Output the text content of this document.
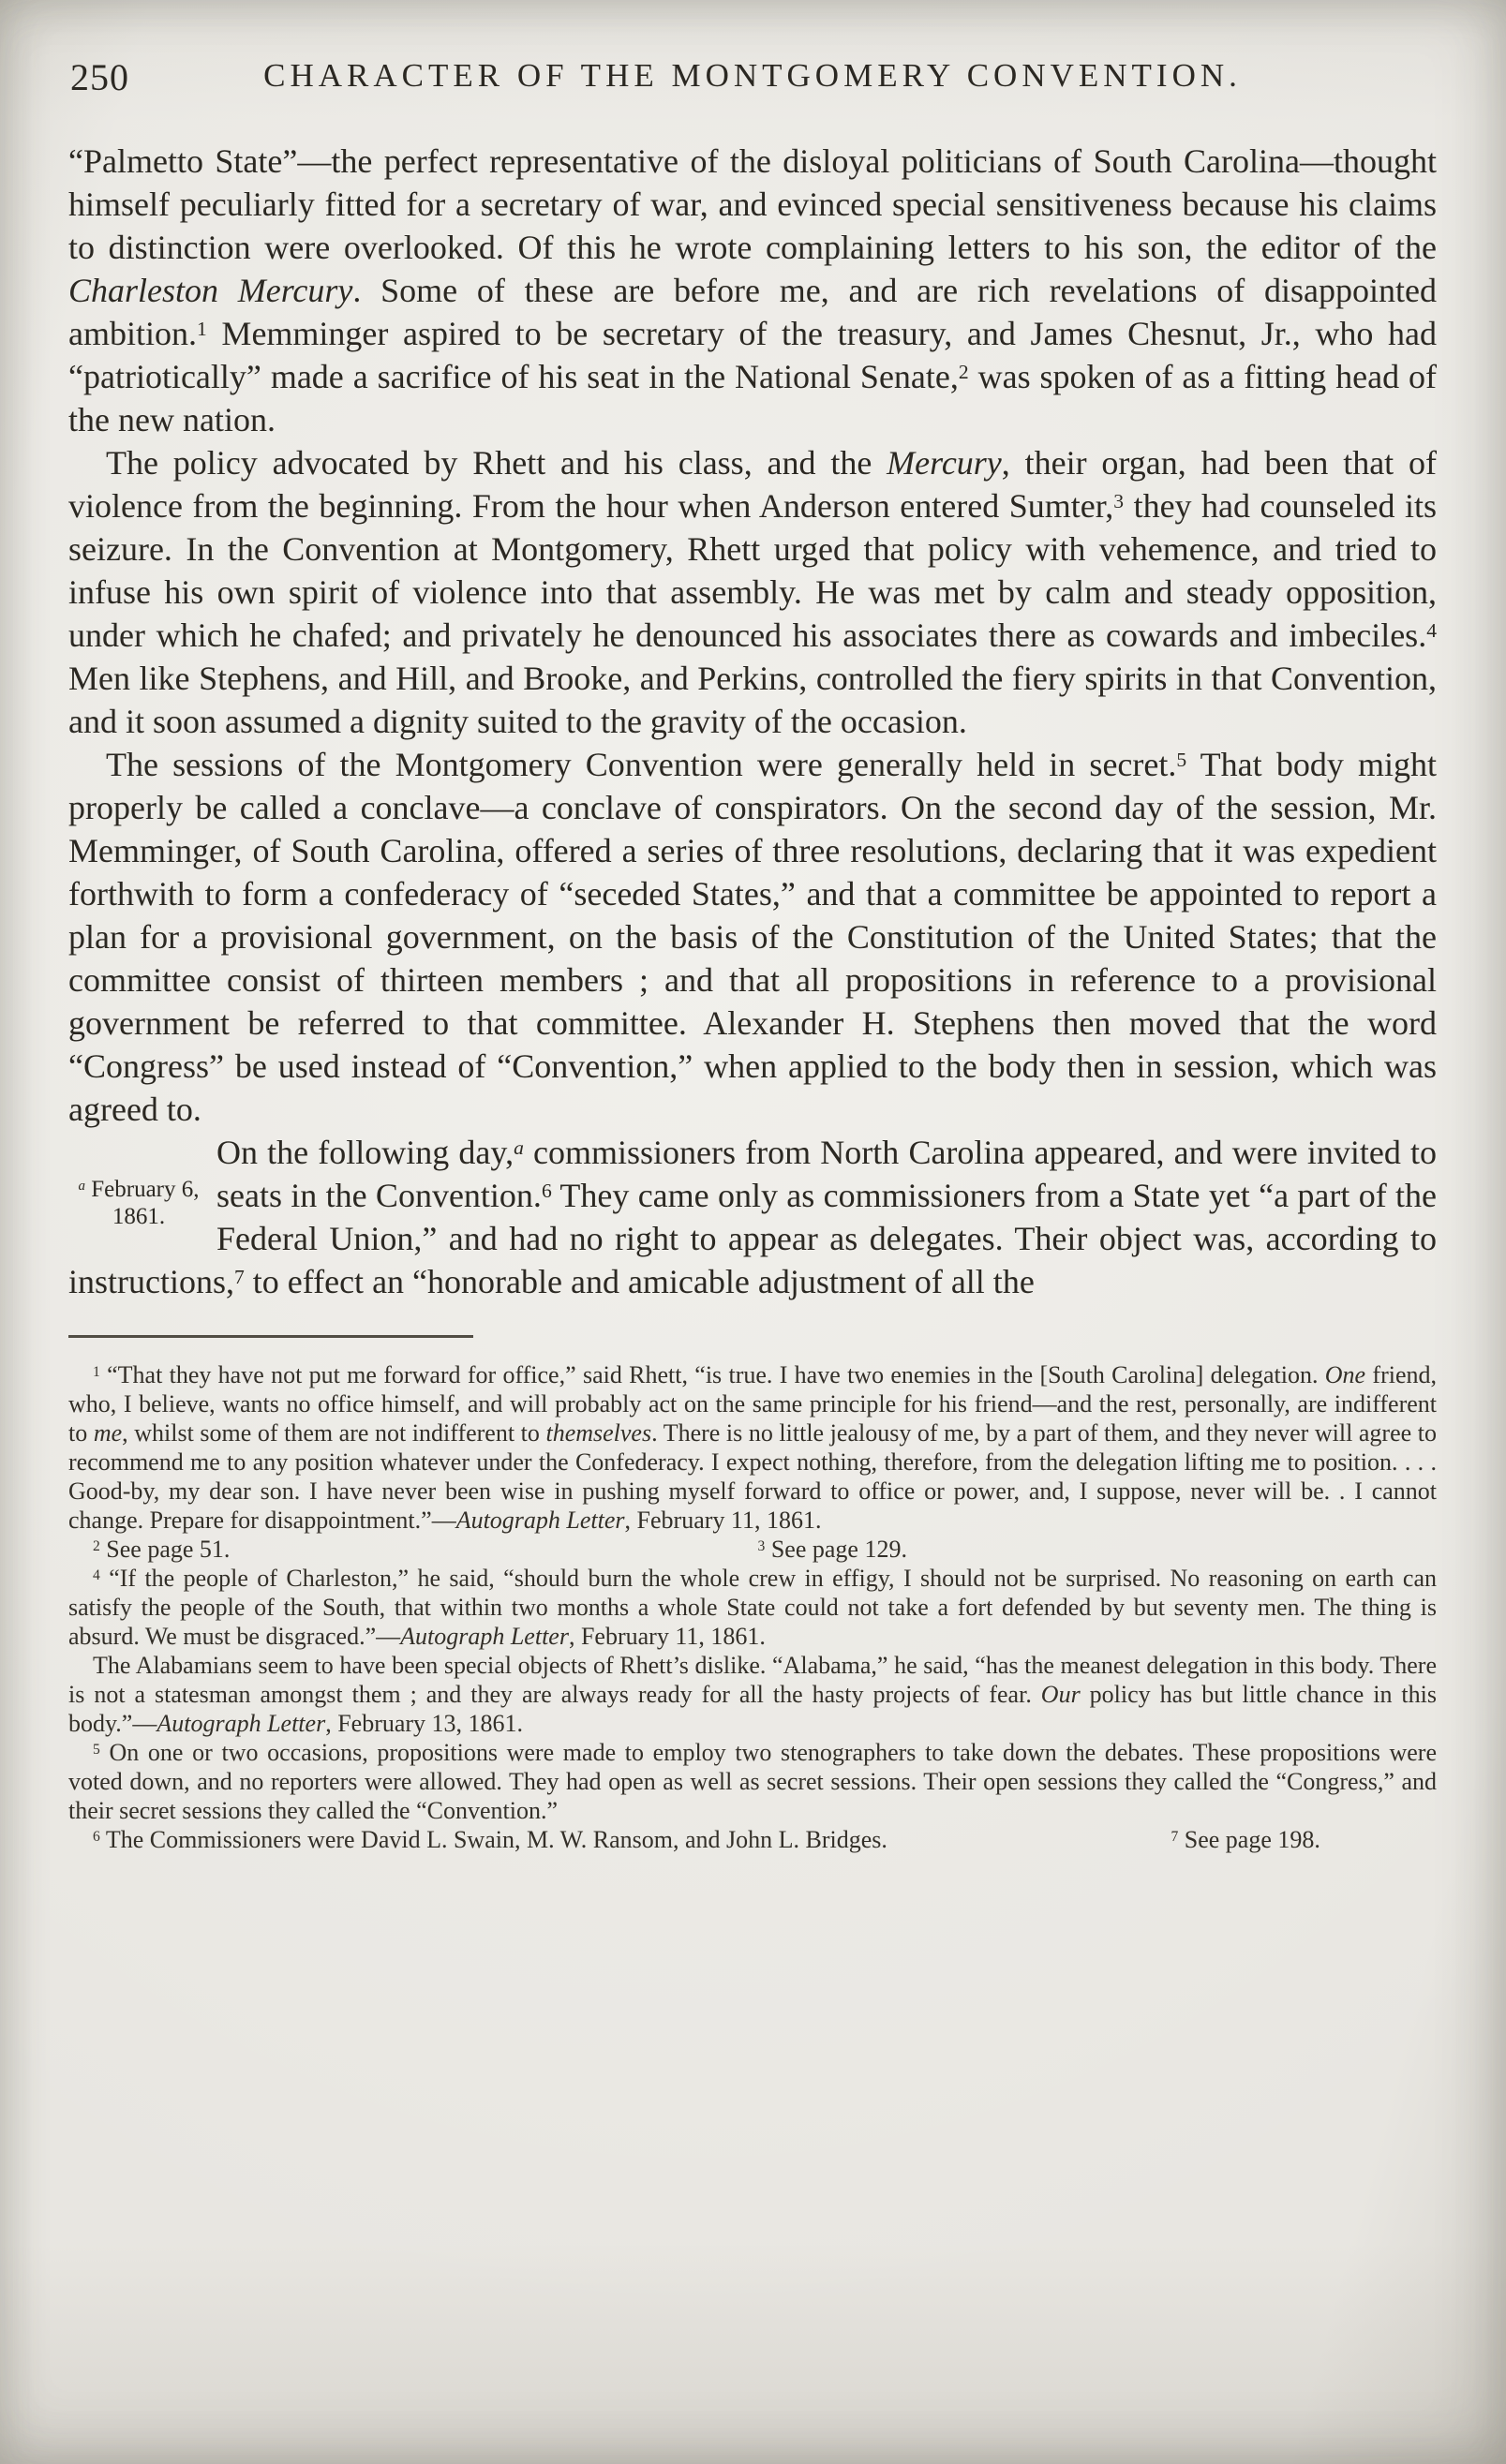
250	CHARACTER OF THE MONTGOMERY CONVENTION.

“Palmetto State”—the perfect representative of the disloyal politicians of South Carolina—thought himself peculiarly fitted for a secretary of war, and evinced special sensitiveness because his claims to distinction were overlooked. Of this he wrote complaining letters to his son, the editor of the Charleston Mercury. Some of these are before me, and are rich revelations of disappointed ambition.$^1$ Memminger aspired to be secretary of the treasury, and James Chesnut, Jr., who had “patriotically” made a sacrifice of his seat in the National Senate,$^2$ was spoken of as a fitting head of the new nation.

The policy advocated by Rhett and his class, and the Mercury, their organ, had been that of violence from the beginning. From the hour when Anderson entered Sumter,$^3$ they had counseled its seizure. In the Convention at Montgomery, Rhett urged that policy with vehemence, and tried to infuse his own spirit of violence into that assembly. He was met by calm and steady opposition, under which he chafed; and privately he denounced his associates there as cowards and imbeciles.$^4$ Men like Stephens, and Hill, and Brooke, and Perkins, controlled the fiery spirits in that Convention, and it soon assumed a dignity suited to the gravity of the occasion.

The sessions of the Montgomery Convention were generally held in secret.$^5$ That body might properly be called a conclave—a conclave of conspirators. On the second day of the session, Mr. Memminger, of South Carolina, offered a series of three resolutions, declaring that it was expedient forthwith to form a confederacy of “seceded States,” and that a committee be appointed to report a plan for a provisional government, on the basis of the Constitution of the United States; that the committee consist of thirteen members ; and that all propositions in reference to a provisional government be referred to that committee. Alexander H. Stephens then moved that the word “Congress” be used instead of “Convention,” when applied to the body then in session, which was agreed to.

$^a$ February 6,
1861.
On the following day,$^a$ commissioners from North Carolina appeared, and were invited to seats in the Convention.$^6$ They came only as commissioners from a State yet “a part of the Federal Union,” and had no right to appear as delegates. Their object was, according to instructions,$^7$ to effect an “honorable and amicable adjustment of all the

$^1$ “That they have not put me forward for office,” said Rhett, “is true. I have two enemies in the [South Carolina] delegation. One friend, who, I believe, wants no office himself, and will probably act on the same principle for his friend—and the rest, personally, are indifferent to me, whilst some of them are not indifferent to themselves. There is no little jealousy of me, by a part of them, and they never will agree to recommend me to any position whatever under the Confederacy. I expect nothing, therefore, from the delegation lifting me to position. . . . Good-by, my dear son. I have never been wise in pushing myself forward to office or power, and, I suppose, never will be. . I cannot change. Prepare for disappointment.”—Autograph Letter, February 11, 1861.

$^2$ See page 51.	$^3$ See page 129.

$^4$ “If the people of Charleston,” he said, “should burn the whole crew in effigy, I should not be surprised. No reasoning on earth can satisfy the people of the South, that within two months a whole State could not take a fort defended by but seventy men. The thing is absurd. We must be disgraced.”—Autograph Letter, February 11, 1861.

The Alabamians seem to have been special objects of Rhett’s dislike. “Alabama,” he said, “has the meanest delegation in this body. There is not a statesman amongst them ; and they are always ready for all the hasty projects of fear. Our policy has but little chance in this body.”—Autograph Letter, February 13, 1861.

$^5$ On one or two occasions, propositions were made to employ two stenographers to take down the debates. These propositions were voted down, and no reporters were allowed. They had open as well as secret sessions. Their open sessions they called the “Congress,” and their secret sessions they called the “Convention.”

$^6$ The Commissioners were David L. Swain, M. W. Ransom, and John L. Bridges.	$^7$ See page 198.
